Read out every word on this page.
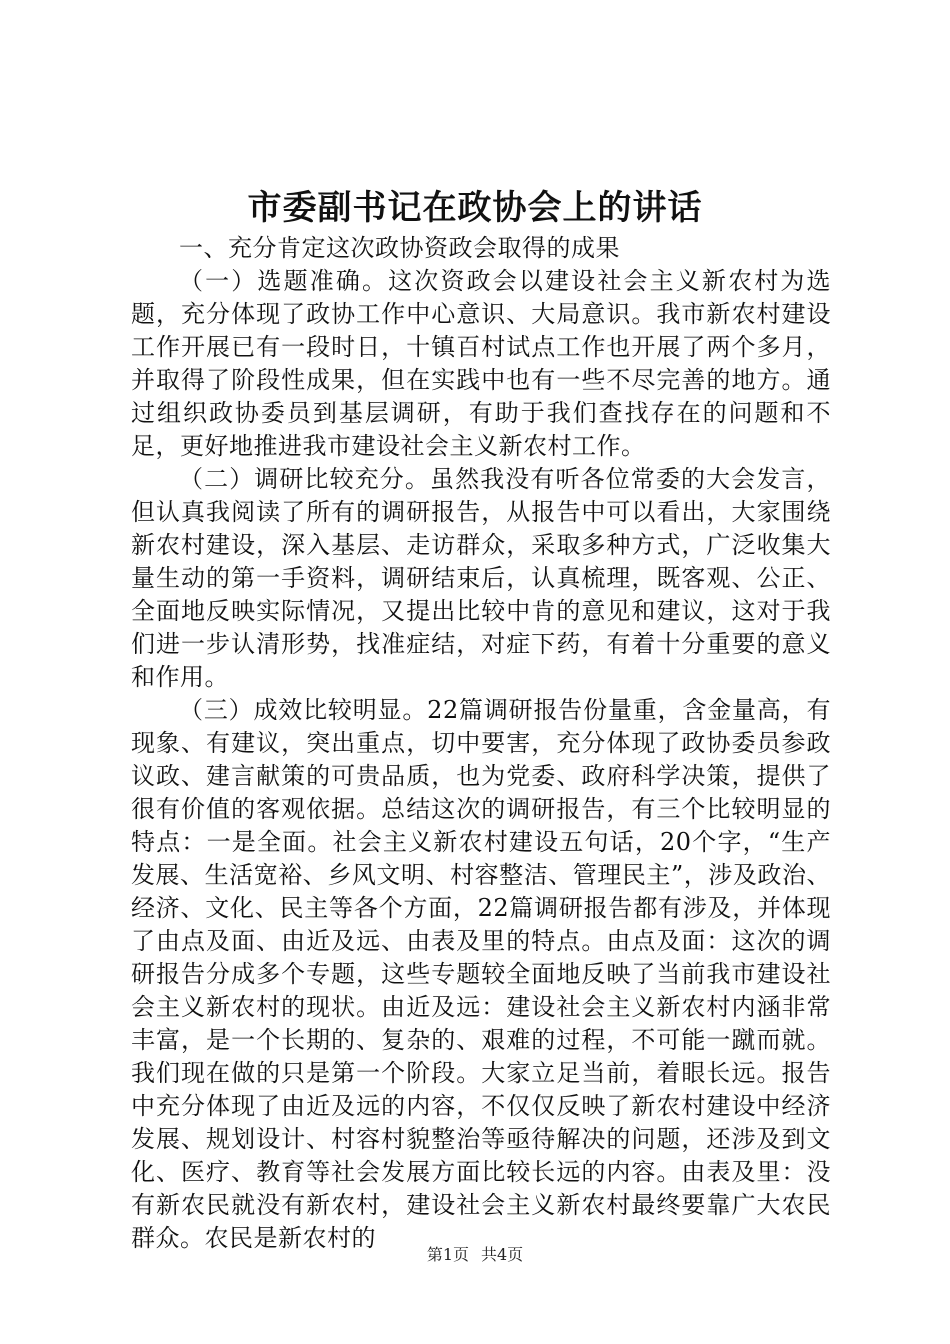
市委副书记在政协会上的讲话

一、充分肯定这次政协资政会取得的成果

（一）选题准确。这次资政会以建设社会主义新农村为选题，充分体现了政协工作中心意识、大局意识。我市新农村建设工作开展已有一段时日，十镇百村试点工作也开展了两个多月，并取得了阶段性成果，但在实践中也有一些不尽完善的地方。通过组织政协委员到基层调研，有助于我们查找存在的问题和不足，更好地推进我市建设社会主义新农村工作。

（二）调研比较充分。虽然我没有听各位常委的大会发言，但认真我阅读了所有的调研报告，从报告中可以看出，大家围绕新农村建设，深入基层、走访群众，采取多种方式，广泛收集大量生动的第一手资料，调研结束后，认真梳理，既客观、公正、全面地反映实际情况，又提出比较中肯的意见和建议，这对于我们进一步认清形势，找准症结，对症下药，有着十分重要的意义和作用。

（三）成效比较明显。22篇调研报告份量重，含金量高，有现象、有建议，突出重点，切中要害，充分体现了政协委员参政议政、建言献策的可贵品质，也为党委、政府科学决策，提供了很有价值的客观依据。总结这次的调研报告，有三个比较明显的特点：一是全面。社会主义新农村建设五句话，20个字，“生产发展、生活宽裕、乡风文明、村容整洁、管理民主”，涉及政治、经济、文化、民主等各个方面，22篇调研报告都有涉及，并体现了由点及面、由近及远、由表及里的特点。由点及面：这次的调研报告分成多个专题，这些专题较全面地反映了当前我市建设社会主义新农村的现状。由近及远：建设社会主义新农村内涵非常丰富，是一个长期的、复杂的、艰难的过程，不可能一蹴而就。我们现在做的只是第一个阶段。大家立足当前，着眼长远。报告中充分体现了由近及远的内容，不仅仅反映了新农村建设中经济发展、规划设计、村容村貌整治等亟待解决的问题，还涉及到文化、医疗、教育等社会发展方面比较长远的内容。由表及里：没有新农民就没有新农村，建设社会主义新农村最终要靠广大农民群众。农民是新农村的

第1页 共4页
